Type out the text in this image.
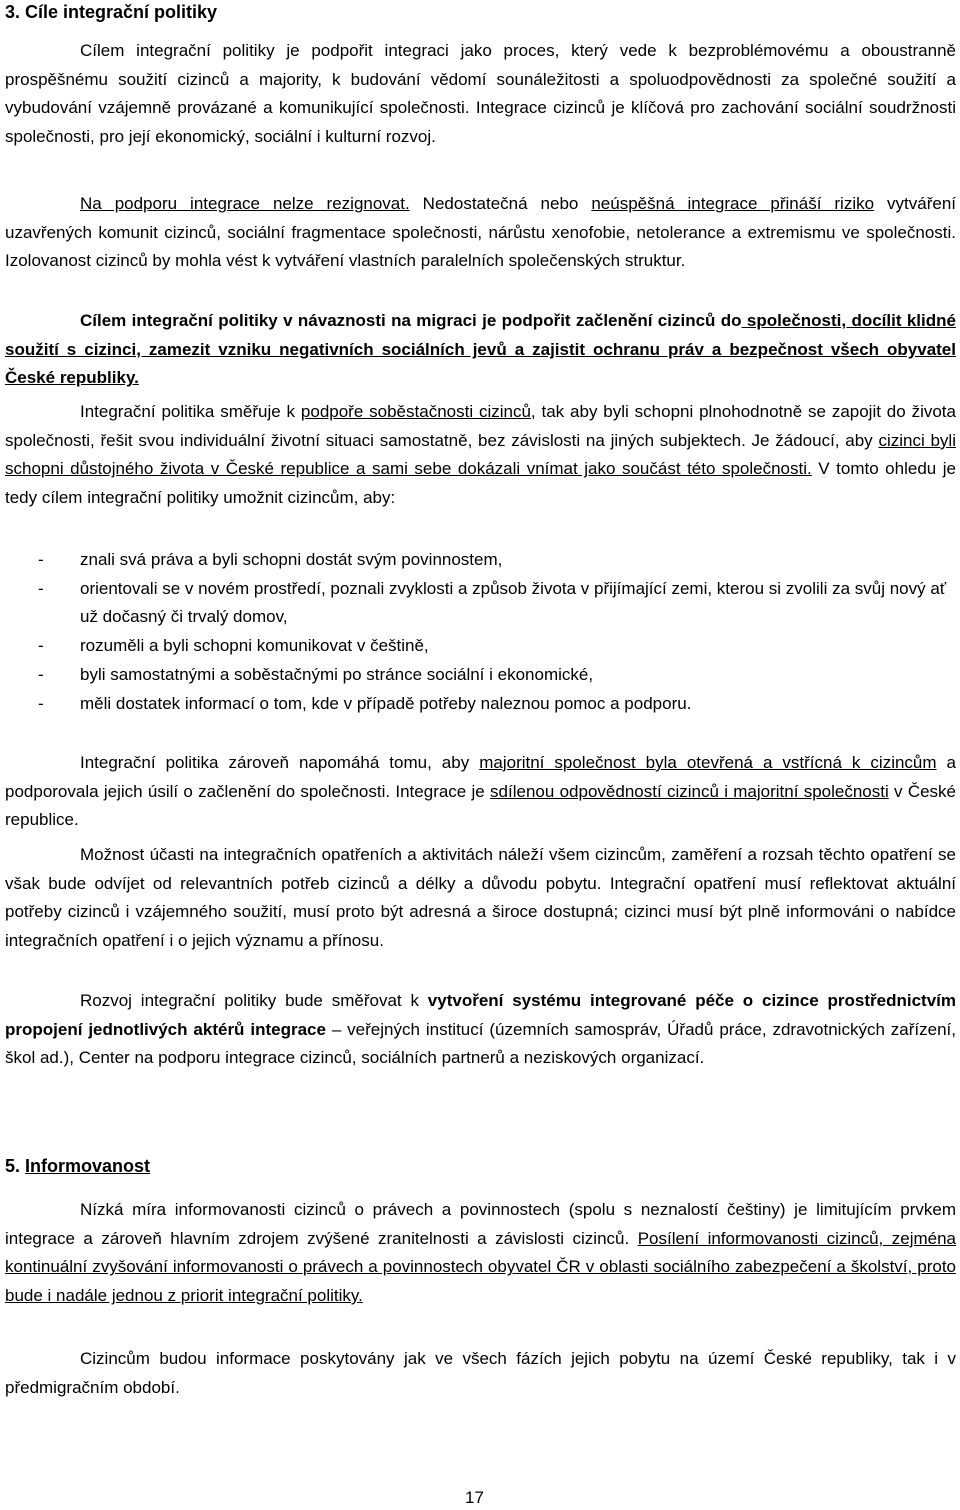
3. Cíle integrační politiky

Cílem integrační politiky je podpořit integraci jako proces, který vede k bezproblémovému a oboustranně prospěšnému soužití cizinců a majority, k budování vědomí sounáležitosti a spoluodpovědnosti za společné soužití a vybudování vzájemně provázané a komunikující společnosti. Integrace cizinců je klíčová pro zachování sociální soudržnosti společnosti, pro její ekonomický, sociální i kulturní rozvoj.

Na podporu integrace nelze rezignovat. Nedostatečná nebo neúspěšná integrace přináší riziko vytváření uzavřených komunit cizinců, sociální fragmentace společnosti, nárůstu xenofobie, netolerance a extremismu ve společnosti. Izolovanost cizinců by mohla vést k vytváření vlastních paralelních společenských struktur.

Cílem integrační politiky v návaznosti na migraci je podpořit začlenění cizinců do společnosti, docílit klidné soužití s cizinci, zamezit vzniku negativních sociálních jevů a zajistit ochranu práv a bezpečnost všech obyvatel České republiky.

Integrační politika směřuje k podpoře soběstačnosti cizinců, tak aby byli schopni plnohodnotně se zapojit do života společnosti, řešit svou individuální životní situaci samostatně, bez závislosti na jiných subjektech. Je žádoucí, aby cizinci byli schopni důstojného života v České republice a sami sebe dokázali vnímat jako součást této společnosti. V tomto ohledu je tedy cílem integrační politiky umožnit cizincům, aby:

- znali svá práva a byli schopni dostát svým povinnostem,
- orientovali se v novém prostředí, poznali zvyklosti a způsob života v přijímající zemi, kterou si zvolili za svůj nový ať už dočasný či trvalý domov,
- rozuměli a byli schopni komunikovat v češtině,
- byli samostatnými a soběstačnými po stránce sociální i ekonomické,
- měli dostatek informací o tom, kde v případě potřeby naleznou pomoc a podporu.

Integrační politika zároveň napomáhá tomu, aby majoritní společnost byla otevřená a vstřícná k cizincům a podporovala jejich úsilí o začlenění do společnosti. Integrace je sdílenou odpovědností cizinců i majoritní společnosti v České republice.

Možnost účasti na integračních opatřeních a aktivitách náleží všem cizincům, zaměření a rozsah těchto opatření se však bude odvíjet od relevantních potřeb cizinců a délky a důvodu pobytu. Integrační opatření musí reflektovat aktuální potřeby cizinců i vzájemného soužití, musí proto být adresná a široce dostupná; cizinci musí být plně informováni o nabídce integračních opatření i o jejich významu a přínosu.

Rozvoj integrační politiky bude směřovat k vytvoření systému integrované péče o cizince prostřednictvím propojení jednotlivých aktérů integrace – veřejných institucí (územních samospráv, Úřadů práce, zdravotnických zařízení, škol ad.), Center na podporu integrace cizinců, sociálních partnerů a neziskových organizací.

5. Informovanost

Nízká míra informovanosti cizinců o právech a povinnostech (spolu s neznalostí češtiny) je limitujícím prvkem integrace a zároveň hlavním zdrojem zvýšené zranitelnosti a závislosti cizinců. Posílení informovanosti cizinců, zejména kontinuální zvyšování informovanosti o právech a povinnostech obyvatel ČR v oblasti sociálního zabezpečení a školství, proto bude i nadále jednou z priorit integrační politiky.

Cizincům budou informace poskytovány jak ve všech fázích jejich pobytu na území České republiky, tak i v předmigračním období.

17
